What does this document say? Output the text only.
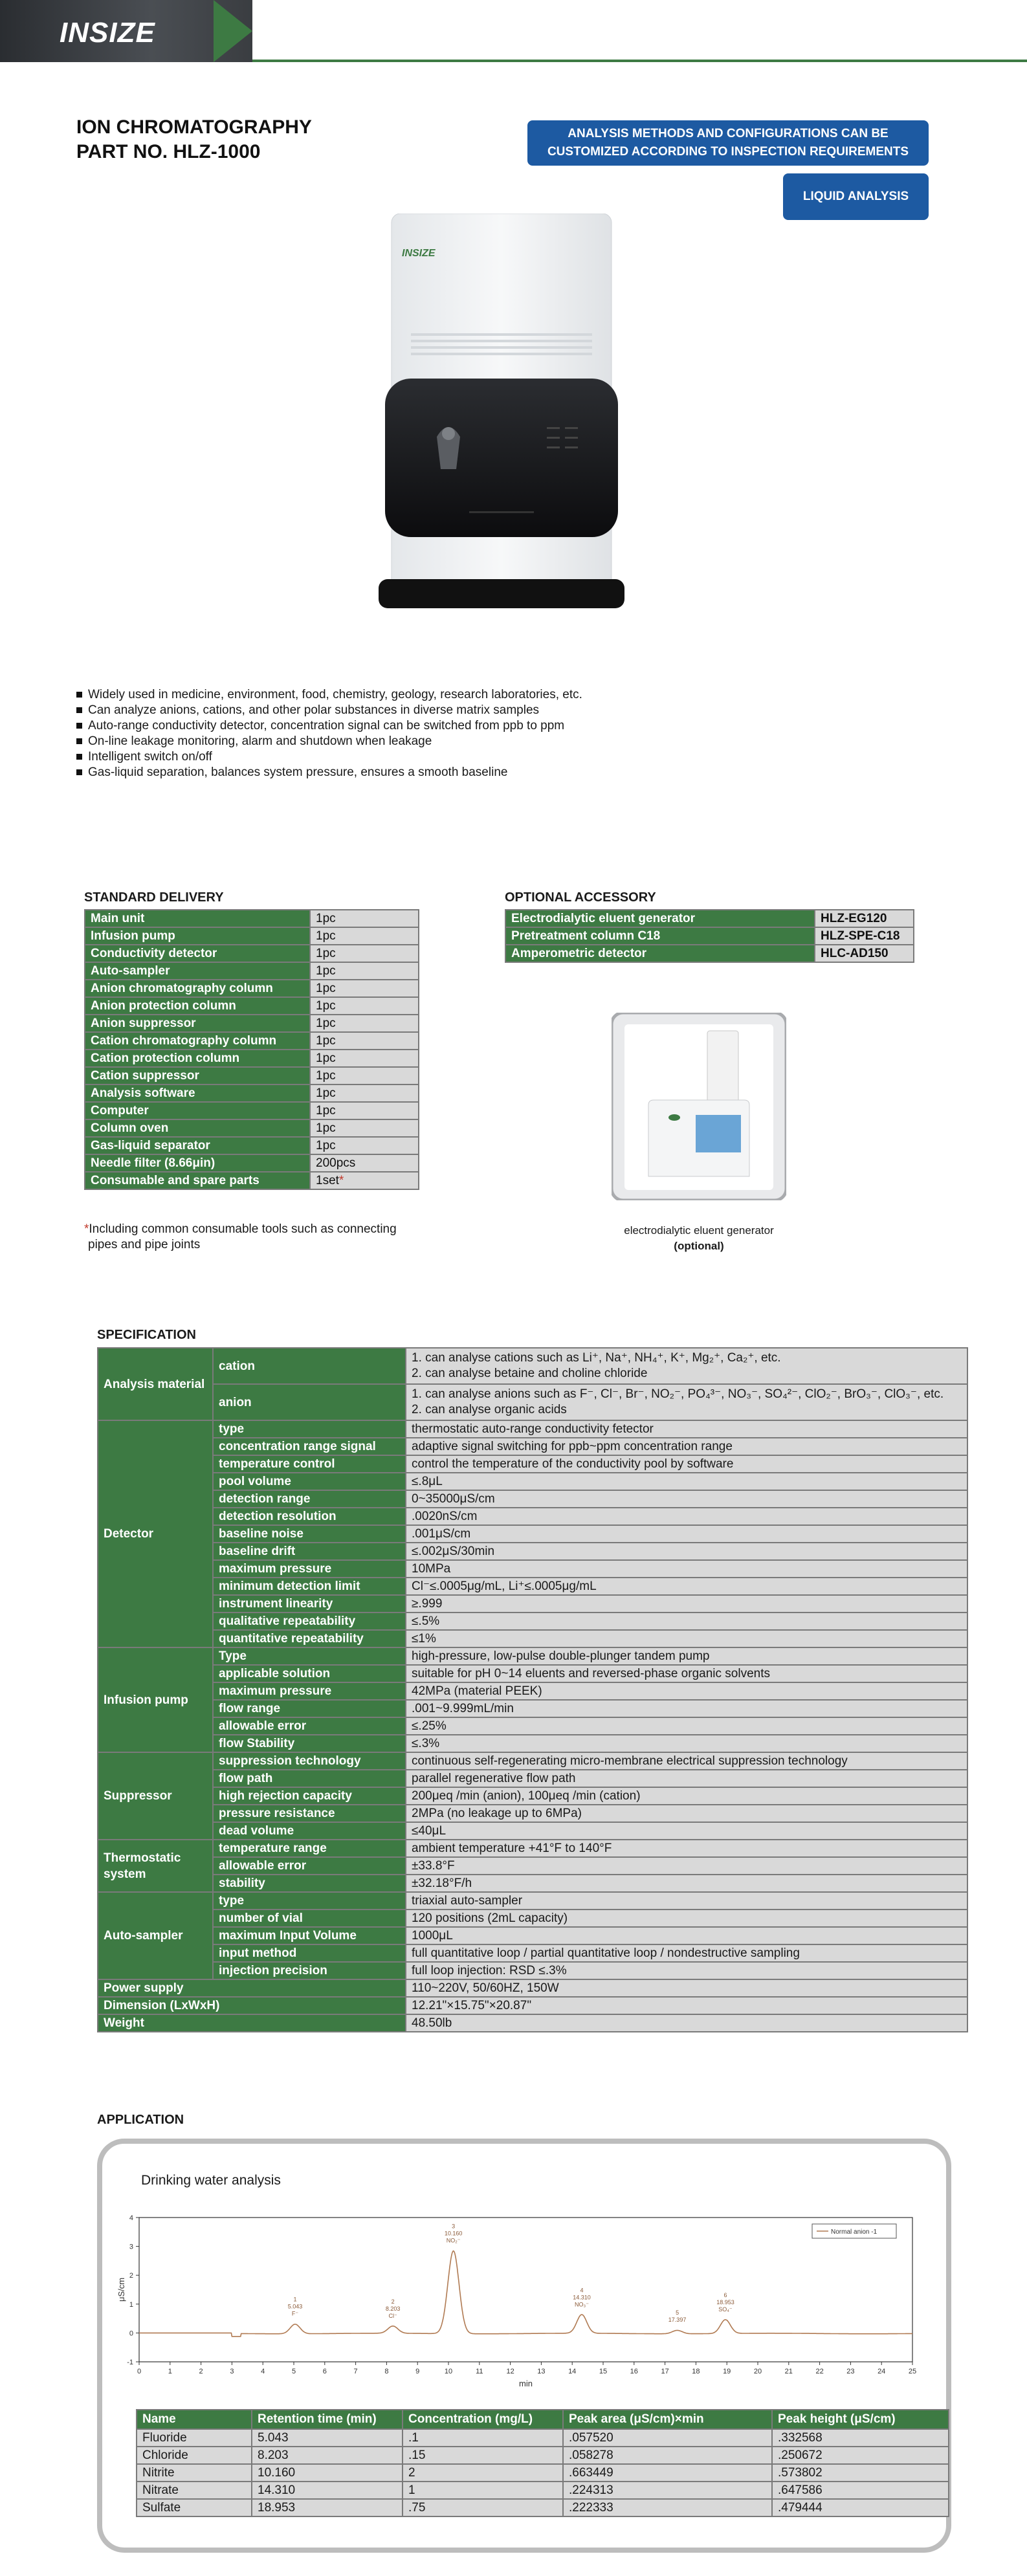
INSIZE
ION CHROMATOGRAPHY
PART NO. HLZ-1000
ANALYSIS METHODS AND CONFIGURATIONS CAN BE
CUSTOMIZED ACCORDING TO INSPECTION REQUIREMENTS
LIQUID ANALYSIS
INSIZE
Widely used in medicine, environment, food, chemistry, geology, research laboratories, etc.
Can analyze anions, cations, and other polar substances in diverse matrix samples
Auto-range conductivity detector, concentration signal can be switched from ppb to ppm
On-line leakage monitoring, alarm and shutdown when leakage
Intelligent switch on/off
Gas-liquid separation, balances system pressure, ensures a smooth baseline
STANDARD DELIVERY
Main unit	1pc
Infusion pump	1pc
Conductivity detector	1pc
Auto-sampler	1pc
Anion chromatography column	1pc
Anion protection column	1pc
Anion suppressor	1pc
Cation chromatography column	1pc
Cation protection column	1pc
Cation suppressor	1pc
Analysis software	1pc
Computer	1pc
Column oven	1pc
Gas-liquid separator	1pc
Needle filter (8.66μin)	200pcs
Consumable and spare parts	1set*
*Including common consumable tools such as connecting
pipes and pipe joints
OPTIONAL ACCESSORY
Electrodialytic eluent generator	HLZ-EG120
Pretreatment column C18	HLZ-SPE-C18
Amperometric detector	HLC-AD150
electrodialytic eluent generator
(optional)
SPECIFICATION
Analysis material	cation	1. can analyse cations such as Li⁺, Na⁺, NH₄⁺, K⁺, Mg₂⁺, Ca₂⁺, etc.
2. can analyse betaine and choline chloride

	anion	1. can analyse anions such as F⁻, Cl⁻, Br⁻, NO₂⁻, PO₄³⁻, NO₃⁻, SO₄²⁻, ClO₂⁻, BrO₃⁻, ClO₃⁻, etc.
2. can analyse organic acids

Detector	type	thermostatic auto-range conductivity fetector
	concentration range signal	adaptive signal switching for ppb~ppm concentration range
	temperature control	control the temperature of the conductivity pool by software
	pool volume	≤.8μL
	detection range	0~35000μS/cm
	detection resolution	.0020nS/cm
	baseline noise	.001μS/cm
	baseline drift	≤.002μS/30min
	maximum pressure	10MPa
	minimum detection limit	Cl⁻≤.0005μg/mL, Li⁺≤.0005μg/mL
	instrument linearity	≥.999
	qualitative repeatability	≤.5%
	quantitative repeatability	≤1%
Infusion pump	Type	high-pressure, low-pulse double-plunger tandem pump
	applicable solution	suitable for pH 0~14 eluents and reversed-phase organic solvents
	maximum pressure	42MPa (material PEEK)
	flow range	.001~9.999mL/min
	allowable error	≤.25%
	flow Stability	≤.3%
Suppressor	suppression technology	continuous self-regenerating micro-membrane electrical suppression technology
	flow path	parallel regenerative flow path
	high rejection capacity	200μeq /min (anion), 100μeq /min (cation)
	pressure resistance	2MPa (no leakage up to 6MPa)
	dead volume	≤40μL
Thermostatic system	temperature range	ambient temperature +41°F to 140°F
	allowable error	±33.8°F
	stability	±32.18°F/h
Auto-sampler	type	triaxial auto-sampler
	number of vial	120 positions (2mL capacity)
	maximum Input Volume	1000μL
	input method	full quantitative loop / partial quantitative loop / nondestructive sampling
	injection precision	full loop injection: RSD ≤.3%
Power supply		110~220V, 50/60HZ, 150W
Dimension (LxWxH)		12.21"×15.75"×20.87"
Weight		48.50lb
APPLICATION
Drinking water analysis
0	1	2	3	4	5	6	7	8	9	10	11	12	13	14	15	16	17	18	19	20	21	22	23	24	25
-1
0
1
2
3
4
min
μS/cm
F⁻
5.043
1
Cl⁻
8.203
2
NO₂⁻
10.160
3
NO₃⁻
14.310
4
17.397
5
SO₄⁻
18.953
6
Normal anion -1
Name	Retention time (min)	Concentration (mg/L)	Peak area (μS/cm)×min	Peak height (μS/cm)
Fluoride	5.043	.1	.057520	.332568
Chloride	8.203	.15	.058278	.250672
Nitrite	10.160	2	.663449	.573802
Nitrate	14.310	1	.224313	.647586
Sulfate	18.953	.75	.222333	.479444
